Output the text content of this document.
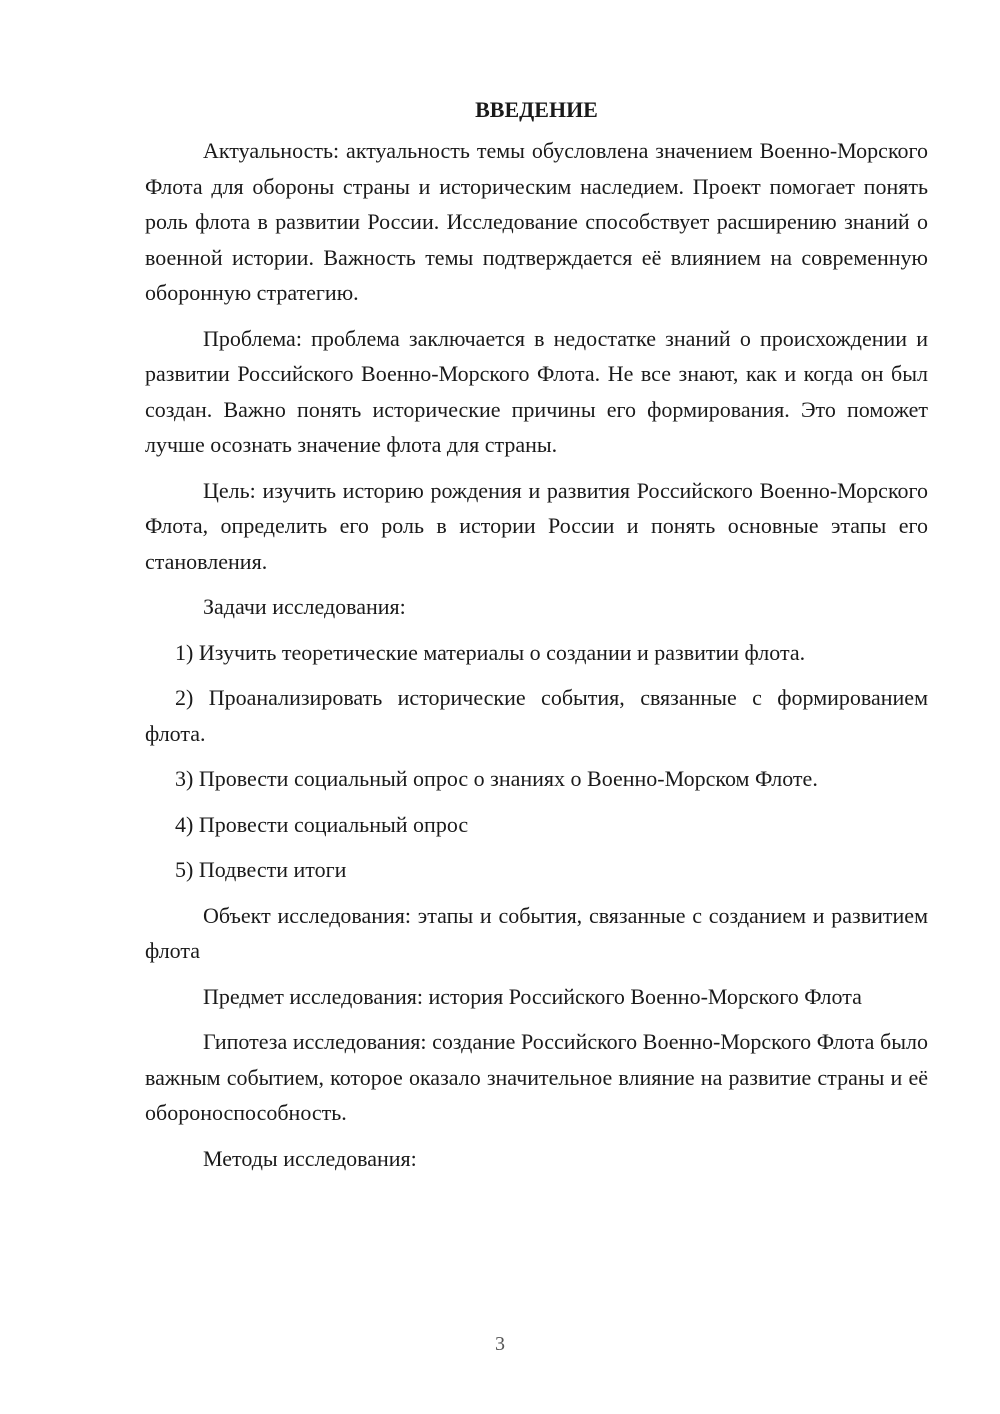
ВВЕДЕНИЕ

Актуальность: актуальность темы обусловлена значением Военно-Морского Флота для обороны страны и историческим наследием. Проект помогает понять роль флота в развитии России. Исследование способствует расширению знаний о военной истории. Важность темы подтверждается её влиянием на современную оборонную стратегию.

Проблема: проблема заключается в недостатке знаний о происхождении и развитии Российского Военно-Морского Флота. Не все знают, как и когда он был создан. Важно понять исторические причины его формирования. Это поможет лучше осознать значение флота для страны.

Цель: изучить историю рождения и развития Российского Военно-Морского Флота, определить его роль в истории России и понять основные этапы его становления.

Задачи исследования:

1) Изучить теоретические материалы о создании и развитии флота.

2) Проанализировать исторические события, связанные с формированием флота.

3) Провести социальный опрос о знаниях о Военно-Морском Флоте.

4) Провести социальный опрос

5) Подвести итоги

Объект исследования: этапы и события, связанные с созданием и развитием флота

Предмет исследования: история Российского Военно-Морского Флота

Гипотеза исследования: создание Российского Военно-Морского Флота было важным событием, которое оказало значительное влияние на развитие страны и её обороноспособность.

Методы исследования:

3
